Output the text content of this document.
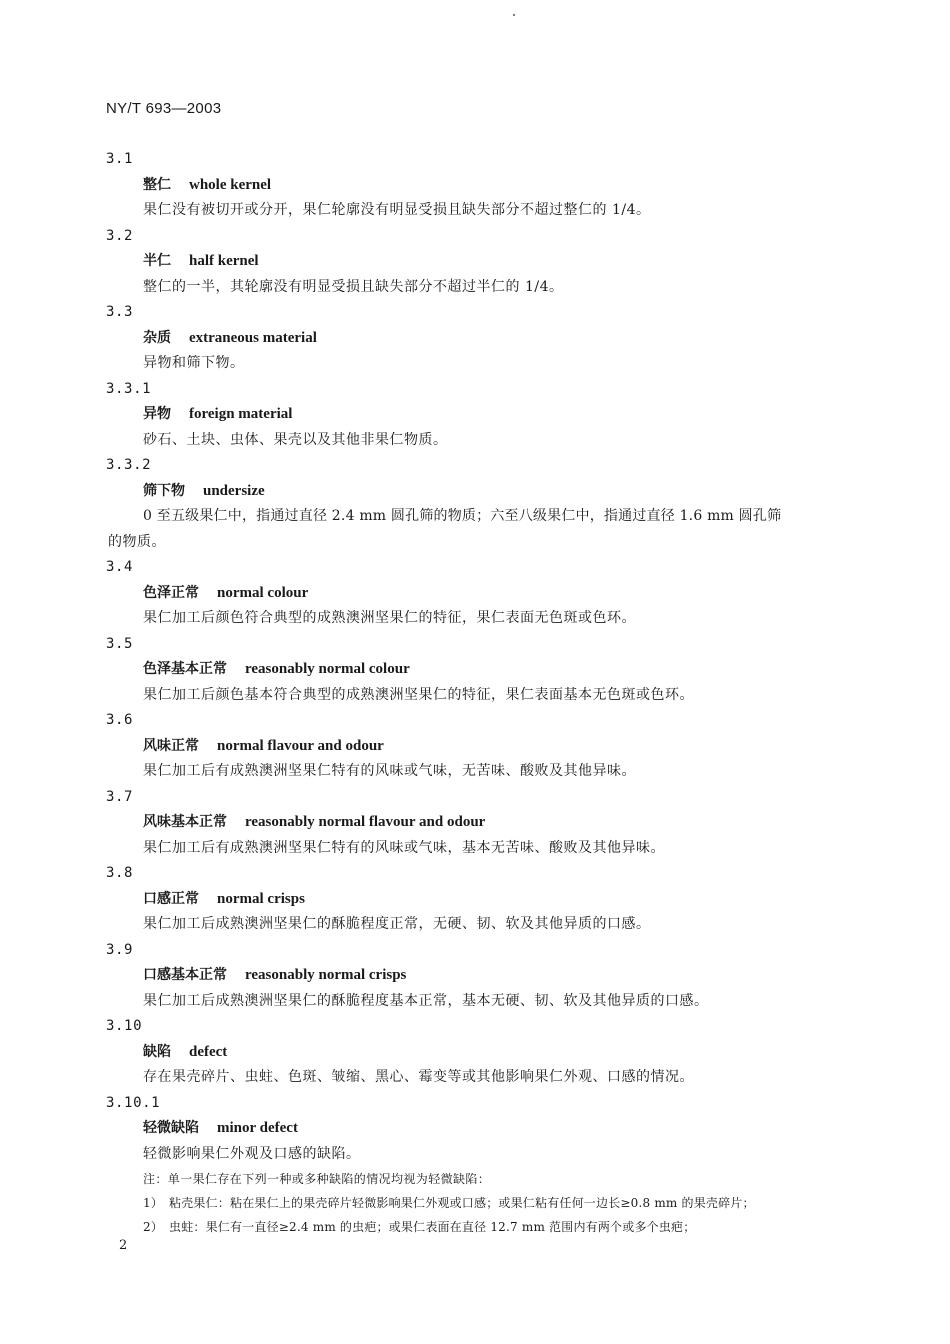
NY/T 693—2003
3.1
整仁 whole kernel
果仁没有被切开或分开，果仁轮廓没有明显受损且缺失部分不超过整仁的 1/4。
3.2
半仁 half kernel
整仁的一半，其轮廓没有明显受损且缺失部分不超过半仁的 1/4。
3.3
杂质 extraneous material
异物和筛下物。
3.3.1
异物 foreign material
砂石、土块、虫体、果壳以及其他非果仁物质。
3.3.2
筛下物 undersize
0 至五级果仁中，指通过直径 2.4 mm 圆孔筛的物质；六至八级果仁中，指通过直径 1.6 mm 圆孔筛
的物质。
3.4
色泽正常 normal colour
果仁加工后颜色符合典型的成熟澳洲坚果仁的特征，果仁表面无色斑或色环。
3.5
色泽基本正常 reasonably normal colour
果仁加工后颜色基本符合典型的成熟澳洲坚果仁的特征，果仁表面基本无色斑或色环。
3.6
风味正常 normal flavour and odour
果仁加工后有成熟澳洲坚果仁特有的风味或气味，无苦味、酸败及其他异味。
3.7
风味基本正常 reasonably normal flavour and odour
果仁加工后有成熟澳洲坚果仁特有的风味或气味，基本无苦味、酸败及其他异味。
3.8
口感正常 normal crisps
果仁加工后成熟澳洲坚果仁的酥脆程度正常，无硬、韧、软及其他异质的口感。
3.9
口感基本正常 reasonably normal crisps
果仁加工后成熟澳洲坚果仁的酥脆程度基本正常，基本无硬、韧、软及其他异质的口感。
3.10
缺陷 defect
存在果壳碎片、虫蛀、色斑、皱缩、黑心、霉变等或其他影响果仁外观、口感的情况。
3.10.1
轻微缺陷 minor defect
轻微影响果仁外观及口感的缺陷。
注：单一果仁存在下列一种或多种缺陷的情况均视为轻微缺陷：
1） 粘壳果仁：粘在果仁上的果壳碎片轻微影响果仁外观或口感；或果仁粘有任何一边长≥0.8 mm 的果壳碎片；
2） 虫蛀：果仁有一直径≥2.4 mm 的虫疤；或果仁表面在直径 12.7 mm 范围内有两个或多个虫疤；
2
